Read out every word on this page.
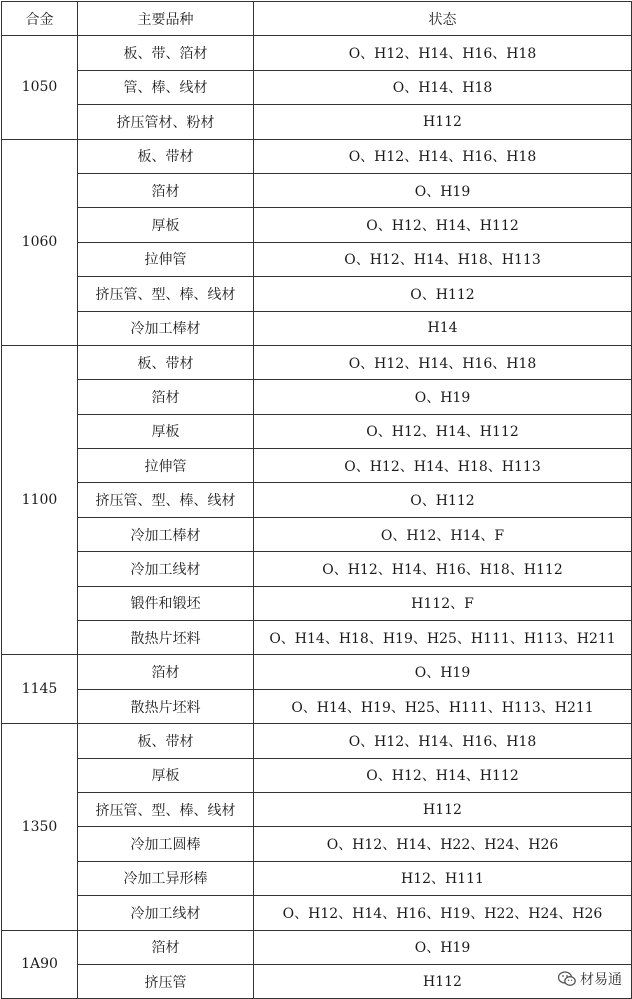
合金	主要品种	状态
1050	板、带、箔材	O、H12、H14、H16、H18
	管、棒、线材	O、H14、H18
	挤压管材、粉材	H112
1060	板、带材	O、H12、H14、H16、H18
	箔材	O、H19
	厚板	O、H12、H14、H112
	拉伸管	O、H12、H14、H18、H113
	挤压管、型、棒、线材	O、H112
	冷加工棒材	H14
1100	板、带材	O、H12、H14、H16、H18
	箔材	O、H19
	厚板	O、H12、H14、H112
	拉伸管	O、H12、H14、H18、H113
	挤压管、型、棒、线材	O、H112
	冷加工棒材	O、H12、H14、F
	冷加工线材	O、H12、H14、H16、H18、H112
	锻件和锻坯	H112、F
	散热片坯料	O、H14、H18、H19、H25、H111、H113、H211
1145	箔材	O、H19
	散热片坯料	O、H14、H19、H25、H111、H113、H211
1350	板、带材	O、H12、H14、H16、H18
	厚板	O、H12、H14、H112
	挤压管、型、棒、线材	H112
	冷加工圆棒	O、H12、H14、H22、H24、H26
	冷加工异形棒	H12、H111
	冷加工线材	O、H12、H14、H16、H19、H22、H24、H26
1A90	箔材	O、H19
	挤压管	H112	材易通
